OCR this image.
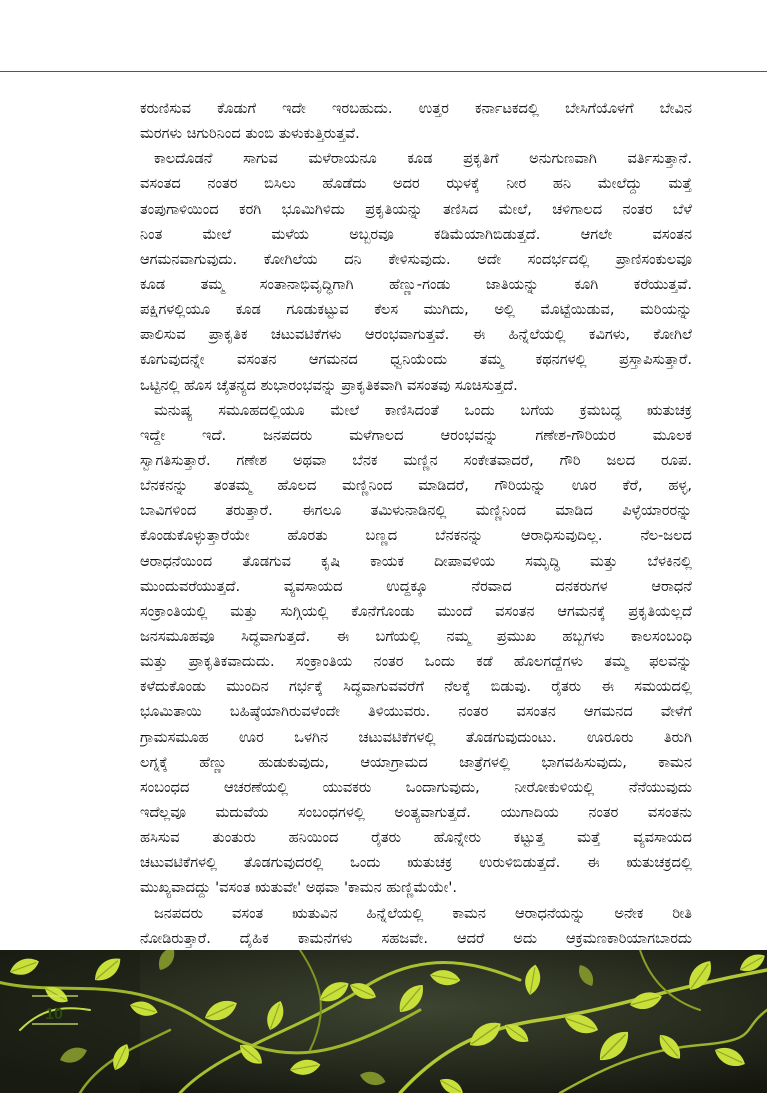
ಕರುಣಿಸುವ ಕೊಡುಗೆ ಇದೇ ಇರಬಹುದು. ಉತ್ತರ ಕರ್ನಾಟಕದಲ್ಲಿ ಬೇಸಿಗೆಯೊಳಗೆ ಬೇವಿನ
ಮರಗಳು ಚಿಗುರಿನಿಂದ ತುಂಬಿ ತುಳುಕುತ್ತಿರುತ್ತವೆ.
ಕಾಲದೊಡನೆ ಸಾಗುವ ಮಳೆರಾಯನೂ ಕೂಡ ಪ್ರಕೃತಿಗೆ ಅನುಗುಣವಾಗಿ ವರ್ತಿಸುತ್ತಾನೆ.
ವಸಂತದ ನಂತರ ಬಿಸಿಲು ಹೊಡೆದು ಅದರ ಝಳಕ್ಕೆ ನೀರ ಹನಿ ಮೇಲೆದ್ದು ಮತ್ತೆ
ತಂಪುಗಾಳಿಯಿಂದ ಕರಗಿ ಭೂಮಿಗಿಳಿದು ಪ್ರಕೃತಿಯನ್ನು ತಣಿಸಿದ ಮೇಲೆ, ಚಳಿಗಾಲದ ನಂತರ ಬೆಳೆ
ನಿಂತ ಮೇಲೆ ಮಳೆಯ ಅಬ್ಬರವೂ ಕಡಿಮೆಯಾಗಿಬಿಡುತ್ತದೆ. ಆಗಲೇ ವಸಂತನ
ಆಗಮನವಾಗುವುದು. ಕೋಗಿಲೆಯ ದನಿ ಕೇಳಿಸುವುದು. ಅದೇ ಸಂದರ್ಭದಲ್ಲಿ ಪ್ರಾಣಿಸಂಕುಲವೂ
ಕೂಡ ತಮ್ಮ ಸಂತಾನಾಭಿವೃದ್ಧಿಗಾಗಿ ಹೆಣ್ಣು-ಗಂಡು ಜಾತಿಯನ್ನು ಕೂಗಿ ಕರೆಯುತ್ತವೆ.
ಪಕ್ಷಿಗಳಲ್ಲಿಯೂ ಕೂಡ ಗೂಡುಕಟ್ಟುವ ಕೆಲಸ ಮುಗಿದು, ಅಲ್ಲಿ ಮೊಟ್ಟೆಯಿಡುವ, ಮರಿಯನ್ನು
ಪಾಲಿಸುವ ಪ್ರಾಕೃತಿಕ ಚಟುವಟಿಕೆಗಳು ಆರಂಭವಾಗುತ್ತವೆ. ಈ ಹಿನ್ನೆಲೆಯಲ್ಲಿ ಕವಿಗಳು, ಕೋಗಿಲೆ
ಕೂಗುವುದನ್ನೇ ವಸಂತನ ಆಗಮನದ ಧ್ವನಿಯೆಂದು ತಮ್ಮ ಕಥನಗಳಲ್ಲಿ ಪ್ರಸ್ತಾಪಿಸುತ್ತಾರೆ.
ಒಟ್ಟಿನಲ್ಲಿ ಹೊಸ ಚೈತನ್ಯದ ಶುಭಾರಂಭವನ್ನು ಪ್ರಾಕೃತಿಕವಾಗಿ ವಸಂತವು ಸೂಚಿಸುತ್ತದೆ.
ಮನುಷ್ಯ ಸಮೂಹದಲ್ಲಿಯೂ ಮೇಲೆ ಕಾಣಿಸಿದಂತೆ ಒಂದು ಬಗೆಯ ಕ್ರಮಬದ್ಧ ಋತುಚಕ್ರ
ಇದ್ದೇ ಇದೆ. ಜನಪದರು ಮಳೆಗಾಲದ ಆರಂಭವನ್ನು ಗಣೇಶ-ಗೌರಿಯರ ಮೂಲಕ
ಸ್ವಾಗತಿಸುತ್ತಾರೆ. ಗಣೇಶ ಅಥವಾ ಬೆನಕ ಮಣ್ಣಿನ ಸಂಕೇತವಾದರೆ, ಗೌರಿ ಜಲದ ರೂಪ.
ಬೆನಕನನ್ನು ತಂತಮ್ಮ ಹೊಲದ ಮಣ್ಣಿನಿಂದ ಮಾಡಿದರೆ, ಗೌರಿಯನ್ನು ಊರ ಕೆರೆ, ಹಳ್ಳ,
ಬಾವಿಗಳಿಂದ ತರುತ್ತಾರೆ. ಈಗಲೂ ತಮಿಳುನಾಡಿನಲ್ಲಿ ಮಣ್ಣಿನಿಂದ ಮಾಡಿದ ಪಿಳ್ಳೆಯಾರರನ್ನು
ಕೊಂಡುಕೊಳ್ಳುತ್ತಾರೆಯೇ ಹೊರತು ಬಣ್ಣದ ಬೆನಕನನ್ನು ಆರಾಧಿಸುವುದಿಲ್ಲ. ನೆಲ-ಜಲದ
ಆರಾಧನೆಯಿಂದ ತೊಡಗುವ ಕೃಷಿ ಕಾಯಕ ದೀಪಾವಳಿಯ ಸಮೃದ್ಧಿ ಮತ್ತು ಬೆಳಕಿನಲ್ಲಿ
ಮುಂದುವರೆಯುತ್ತದೆ. ವ್ಯವಸಾಯದ ಉದ್ದಕ್ಕೂ ನೆರವಾದ ದನಕರುಗಳ ಆರಾಧನೆ
ಸಂಕ್ರಾಂತಿಯಲ್ಲಿ ಮತ್ತು ಸುಗ್ಗಿಯಲ್ಲಿ ಕೊನೆಗೊಂಡು ಮುಂದೆ ವಸಂತನ ಆಗಮನಕ್ಕೆ ಪ್ರಕೃತಿಯಲ್ಲದೆ
ಜನಸಮೂಹವೂ ಸಿದ್ಧವಾಗುತ್ತದೆ. ಈ ಬಗೆಯಲ್ಲಿ ನಮ್ಮ ಪ್ರಮುಖ ಹಬ್ಬಗಳು ಕಾಲಸಂಬಂಧಿ
ಮತ್ತು ಪ್ರಾಕೃತಿಕವಾದುದು. ಸಂಕ್ರಾಂತಿಯ ನಂತರ ಒಂದು ಕಡೆ ಹೊಲಗದ್ದೆಗಳು ತಮ್ಮ ಫಲವನ್ನು
ಕಳೆದುಕೊಂಡು ಮುಂದಿನ ಗರ್ಭಕ್ಕೆ ಸಿದ್ಧವಾಗುವವರೆಗೆ ನೆಲಕ್ಕೆ ಬಿಡುವು. ರೈತರು ಈ ಸಮಯದಲ್ಲಿ
ಭೂಮಿತಾಯಿ ಬಹಿಷ್ಠೆಯಾಗಿರುವಳೆಂದೇ ತಿಳಿಯುವರು. ನಂತರ ವಸಂತನ ಆಗಮನದ ವೇಳೆಗೆ
ಗ್ರಾಮಸಮೂಹ ಊರ ಒಳಗಿನ ಚಟುವಟಿಕೆಗಳಲ್ಲಿ ತೊಡಗುವುದುಂಟು. ಊರೂರು ತಿರುಗಿ
ಲಗ್ನಕ್ಕೆ ಹೆಣ್ಣು ಹುಡುಕುವುದು, ಆಯಾಗ್ರಾಮದ ಜಾತ್ರೆಗಳಲ್ಲಿ ಭಾಗವಹಿಸುವುದು, ಕಾಮನ
ಸಂಬಂಧದ ಆಚರಣೆಯಲ್ಲಿ ಯುವಕರು ಒಂದಾಗುವುದು, ನೀರೋಕುಳಿಯಲ್ಲಿ ನೆನೆಯುವುದು
ಇದೆಲ್ಲವೂ ಮದುವೆಯ ಸಂಬಂಧಗಳಲ್ಲಿ ಅಂತ್ಯವಾಗುತ್ತದೆ. ಯುಗಾದಿಯ ನಂತರ ವಸಂತನು
ಹಸಿಸುವ ತುಂತುರು ಹನಿಯಿಂದ ರೈತರು ಹೊನ್ನೇರು ಕಟ್ಟುತ್ತ ಮತ್ತೆ ವ್ಯವಸಾಯದ
ಚಟುವಟಿಕೆಗಳಲ್ಲಿ ತೊಡಗುವುದರಲ್ಲಿ ಒಂದು ಋತುಚಕ್ರ ಉರುಳಿಬಿಡುತ್ತದೆ. ಈ ಋತುಚಕ್ರದಲ್ಲಿ
ಮುಖ್ಯವಾದದ್ದು 'ವಸಂತ ಋತುವೇ' ಅಥವಾ 'ಕಾಮನ ಹುಣ್ಣಿಮೆಯೇ'.
ಜನಪದರು ವಸಂತ ಋತುವಿನ ಹಿನ್ನೆಲೆಯಲ್ಲಿ ಕಾಮನ ಆರಾಧನೆಯನ್ನು ಅನೇಕ ರೀತಿ
ನೋಡಿರುತ್ತಾರೆ. ದೈಹಿಕ ಕಾಮನೆಗಳು ಸಹಜವೇ. ಆದರೆ ಅದು ಆಕ್ರಮಣಕಾರಿಯಾಗಬಾರದು
10
